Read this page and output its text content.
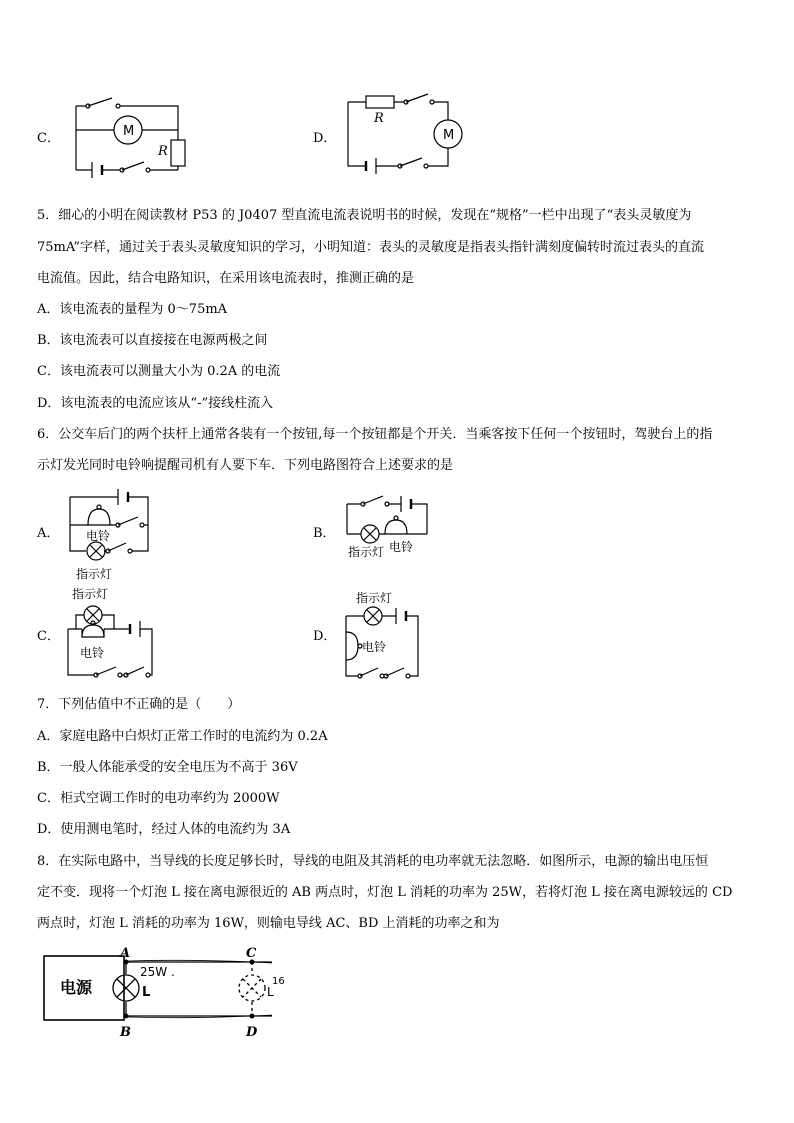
C．	M
R
D．
R
M
5．细心的小明在阅读教材 P53 的 J0407 型直流电流表说明书的时候，发现在“规格”一栏中出现了“表头灵敏度为
75mA”字样，通过关于表头灵敏度知识的学习，小明知道：表头的灵敏度是指表头指针满刻度偏转时流过表头的直流
电流值。因此，结合电路知识，在采用该电流表时，推测正确的是
A．该电流表的量程为 0～75mA
B．该电流表可以直接接在电源两极之间
C．该电流表可以测量大小为 0.2A 的电流
D．该电流表的电流应该从“-”接线柱流入
6．公交车后门的两个扶杆上通常各装有一个按钮,每一个按钮都是个开关．当乘客按下任何一个按钮时，驾驶台上的指
示灯发光同时电铃响提醒司机有人要下车．下列电路图符合上述要求的是
A． 电铃
指示灯
B．
指示灯 电铃
C．
指示灯
电铃
D．
指示灯
电铃
7．下列估值中不正确的是（　　）
A．家庭电路中白炽灯正常工作时的电流约为 0.2A
B．一般人体能承受的安全电压为不高于 36V
C．柜式空调工作时的电功率约为 2000W
D．使用测电笔时，经过人体的电流约为 3A
8．在实际电路中，当导线的长度足够长时，导线的电阻及其消耗的电功率就无法忽略．如图所示，电源的输出电压恒
定不变．现将一个灯泡 L 接在离电源很近的 AB 两点时，灯泡 L 消耗的功率为 25W，若将灯泡 L 接在离电源较远的 CD
两点时，灯泡 L 消耗的功率为 16W，则输电导线 AC、BD 上消耗的功率之和为
电源
A
B
C
D
L	L
25W .
16
